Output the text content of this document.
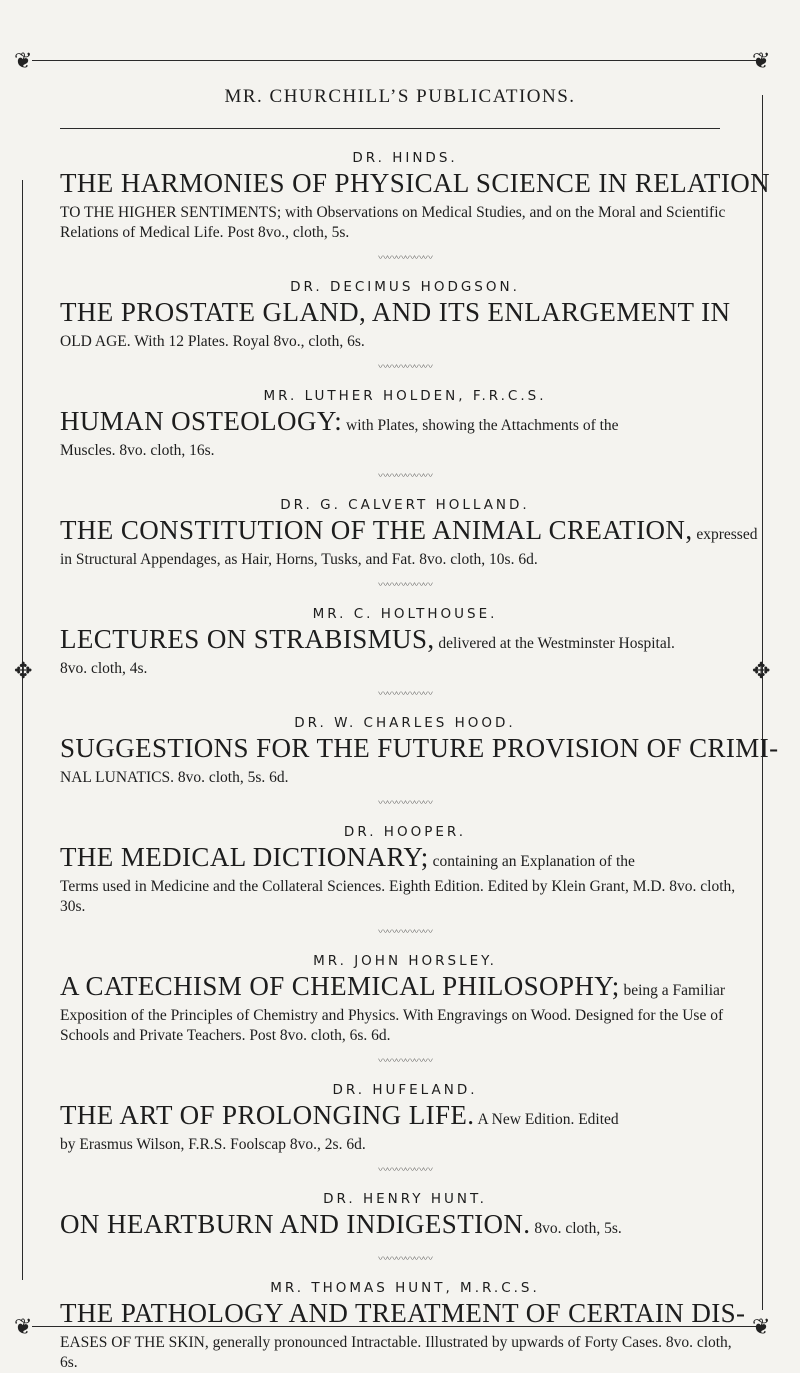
❦	❦
❦	❦
✥	✥
MR. CHURCHILL’S PUBLICATIONS.
DR. HINDS.
THE HARMONIES OF PHYSICAL SCIENCE IN RELATION
TO THE HIGHER SENTIMENTS; with Observations on Medical Studies, and on the Moral and Scientific Relations of Medical Life. Post 8vo., cloth, 5s.
〰〰〰〰〰〰
DR. DECIMUS HODGSON.
THE PROSTATE GLAND, AND ITS ENLARGEMENT IN
OLD AGE. With 12 Plates. Royal 8vo., cloth, 6s.
〰〰〰〰〰〰
MR. LUTHER HOLDEN, F.R.C.S.
HUMAN OSTEOLOGY: with Plates, showing the Attachments of the
Muscles. 8vo. cloth, 16s.
〰〰〰〰〰〰
DR. G. CALVERT HOLLAND.
THE CONSTITUTION OF THE ANIMAL CREATION, expressed
in Structural Appendages, as Hair, Horns, Tusks, and Fat. 8vo. cloth, 10s. 6d.
〰〰〰〰〰〰
MR. C. HOLTHOUSE.
LECTURES ON STRABISMUS, delivered at the Westminster Hospital.
8vo. cloth, 4s.
〰〰〰〰〰〰
DR. W. CHARLES HOOD.
SUGGESTIONS FOR THE FUTURE PROVISION OF CRIMI-
NAL LUNATICS. 8vo. cloth, 5s. 6d.
〰〰〰〰〰〰
DR. HOOPER.
THE MEDICAL DICTIONARY; containing an Explanation of the
Terms used in Medicine and the Collateral Sciences. Eighth Edition. Edited by Klein Grant, M.D. 8vo. cloth, 30s.
〰〰〰〰〰〰
MR. JOHN HORSLEY.
A CATECHISM OF CHEMICAL PHILOSOPHY; being a Familiar
Exposition of the Principles of Chemistry and Physics. With Engravings on Wood. Designed for the Use of Schools and Private Teachers. Post 8vo. cloth, 6s. 6d.
〰〰〰〰〰〰
DR. HUFELAND.
THE ART OF PROLONGING LIFE. A New Edition. Edited
by Erasmus Wilson, F.R.S. Foolscap 8vo., 2s. 6d.
〰〰〰〰〰〰
DR. HENRY HUNT.
ON HEARTBURN AND INDIGESTION. 8vo. cloth, 5s.
〰〰〰〰〰〰
MR. THOMAS HUNT, M.R.C.S.
THE PATHOLOGY AND TREATMENT OF CERTAIN DIS-
EASES OF THE SKIN, generally pronounced Intractable. Illustrated by upwards of Forty Cases. 8vo. cloth, 6s.
